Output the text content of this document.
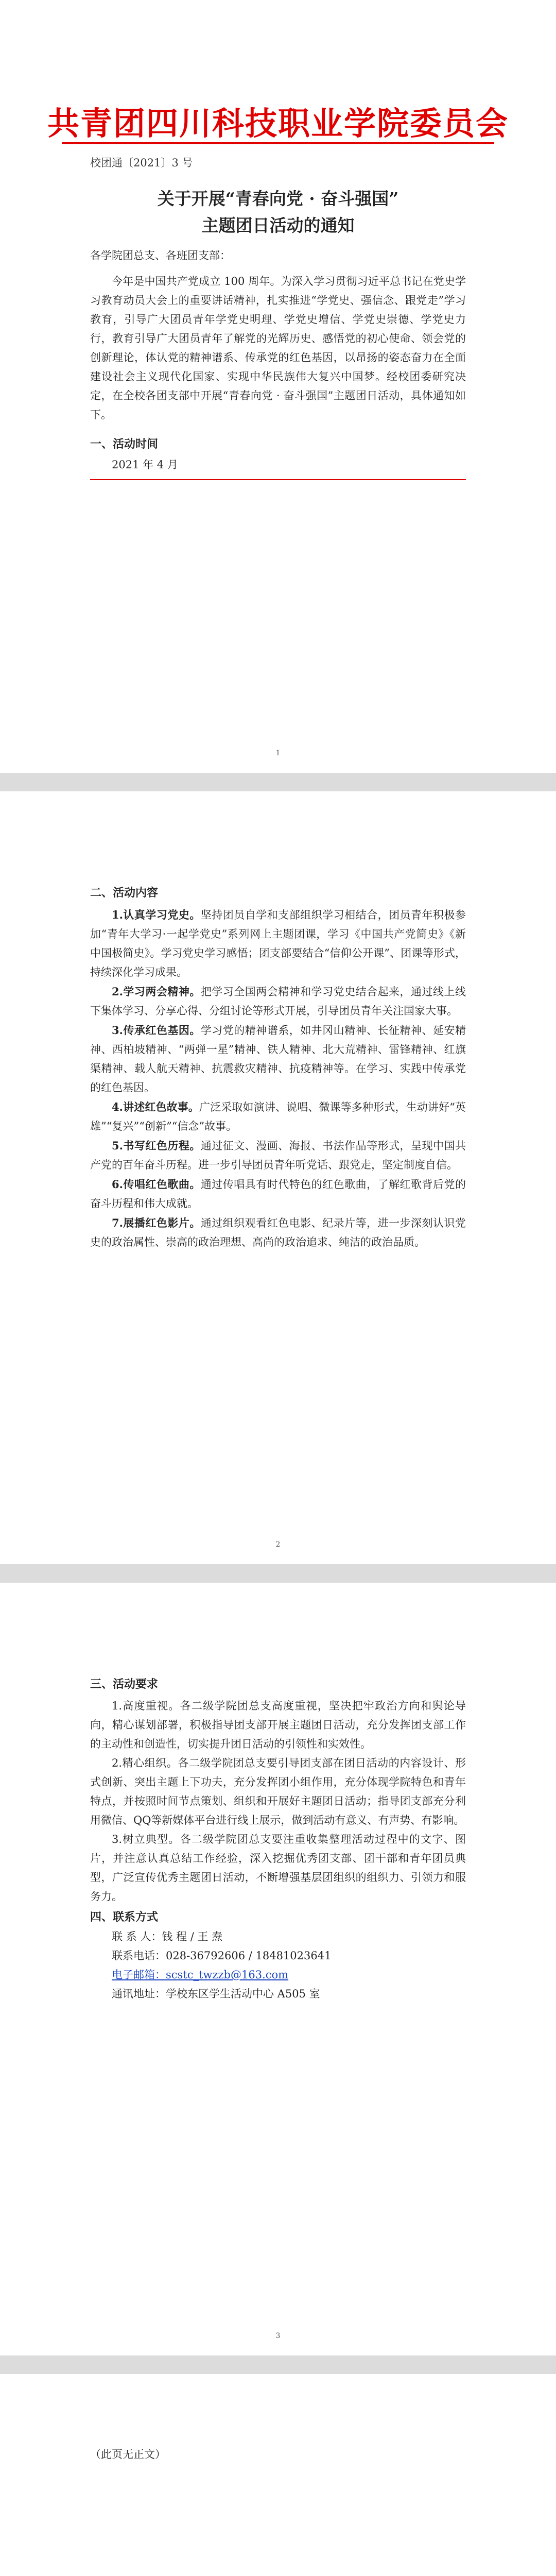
共青团四川科技职业学院委员会
校团通〔2021〕3 号
关于开展“青春向党 · 奋斗强国”
主题团日活动的通知
各学院团总支、各班团支部：

今年是中国共产党成立 100 周年。为深入学习贯彻习近平总书记在党史学习教育动员大会上的重要讲话精神，扎实推进“学党史、强信念、跟党走”学习教育，引导广大团员青年学党史明理、学党史增信、学党史崇德、学党史力行，教育引导广大团员青年了解党的光辉历史、感悟党的初心使命、领会党的创新理论，体认党的精神谱系、传承党的红色基因，以昂扬的姿态奋力在全面建设社会主义现代化国家、实现中华民族伟大复兴中国梦。经校团委研究决定，在全校各团支部中开展“青春向党 · 奋斗强国”主题团日活动，具体通知如下。

一、活动时间

2021 年 4 月

1
二、活动内容

1.认真学习党史。坚持团员自学和支部组织学习相结合，团员青年积极参加“青年大学习·一起学党史”系列网上主题团课，学习《中国共产党简史》《新中国极简史》。学习党史学习感悟；团支部要结合“信仰公开课”、团课等形式，持续深化学习成果。

2.学习两会精神。把学习全国两会精神和学习党史结合起来，通过线上线下集体学习、分享心得、分组讨论等形式开展，引导团员青年关注国家大事。

3.传承红色基因。学习党的精神谱系，如井冈山精神、长征精神、延安精神、西柏坡精神、“两弹一星”精神、铁人精神、北大荒精神、雷锋精神、红旗渠精神、载人航天精神、抗震救灾精神、抗疫精神等。在学习、实践中传承党的红色基因。

4.讲述红色故事。广泛采取如演讲、说唱、微课等多种形式，生动讲好“英雄”“复兴”“创新”“信念”故事。

5.书写红色历程。通过征文、漫画、海报、书法作品等形式，呈现中国共产党的百年奋斗历程。进一步引导团员青年听党话、跟党走，坚定制度自信。

6.传唱红色歌曲。通过传唱具有时代特色的红色歌曲，了解红歌背后党的奋斗历程和伟大成就。

7.展播红色影片。通过组织观看红色电影、纪录片等，进一步深刻认识党史的政治属性、崇高的政治理想、高尚的政治追求、纯洁的政治品质。

2
三、活动要求

1.高度重视。各二级学院团总支高度重视，坚决把牢政治方向和舆论导向，精心谋划部署，积极指导团支部开展主题团日活动，充分发挥团支部工作的主动性和创造性，切实提升团日活动的引领性和实效性。

2.精心组织。各二级学院团总支要引导团支部在团日活动的内容设计、形式创新、突出主题上下功夫，充分发挥团小组作用，充分体现学院特色和青年特点，并按照时间节点策划、组织和开展好主题团日活动；指导团支部充分利用微信、QQ等新媒体平台进行线上展示，做到活动有意义、有声势、有影响。

3.树立典型。各二级学院团总支要注重收集整理活动过程中的文字、图片，并注意认真总结工作经验，深入挖掘优秀团支部、团干部和青年团员典型，广泛宣传优秀主题团日活动，不断增强基层团组织的组织力、引领力和服务力。

四、联系方式

联 系 人：钱 程 / 王 焘

联系电话：028-36792606 / 18481023641

电子邮箱：scstc_twzzb@163.com

通讯地址：学校东区学生活动中心 A505 室

3
（此页无正文）
